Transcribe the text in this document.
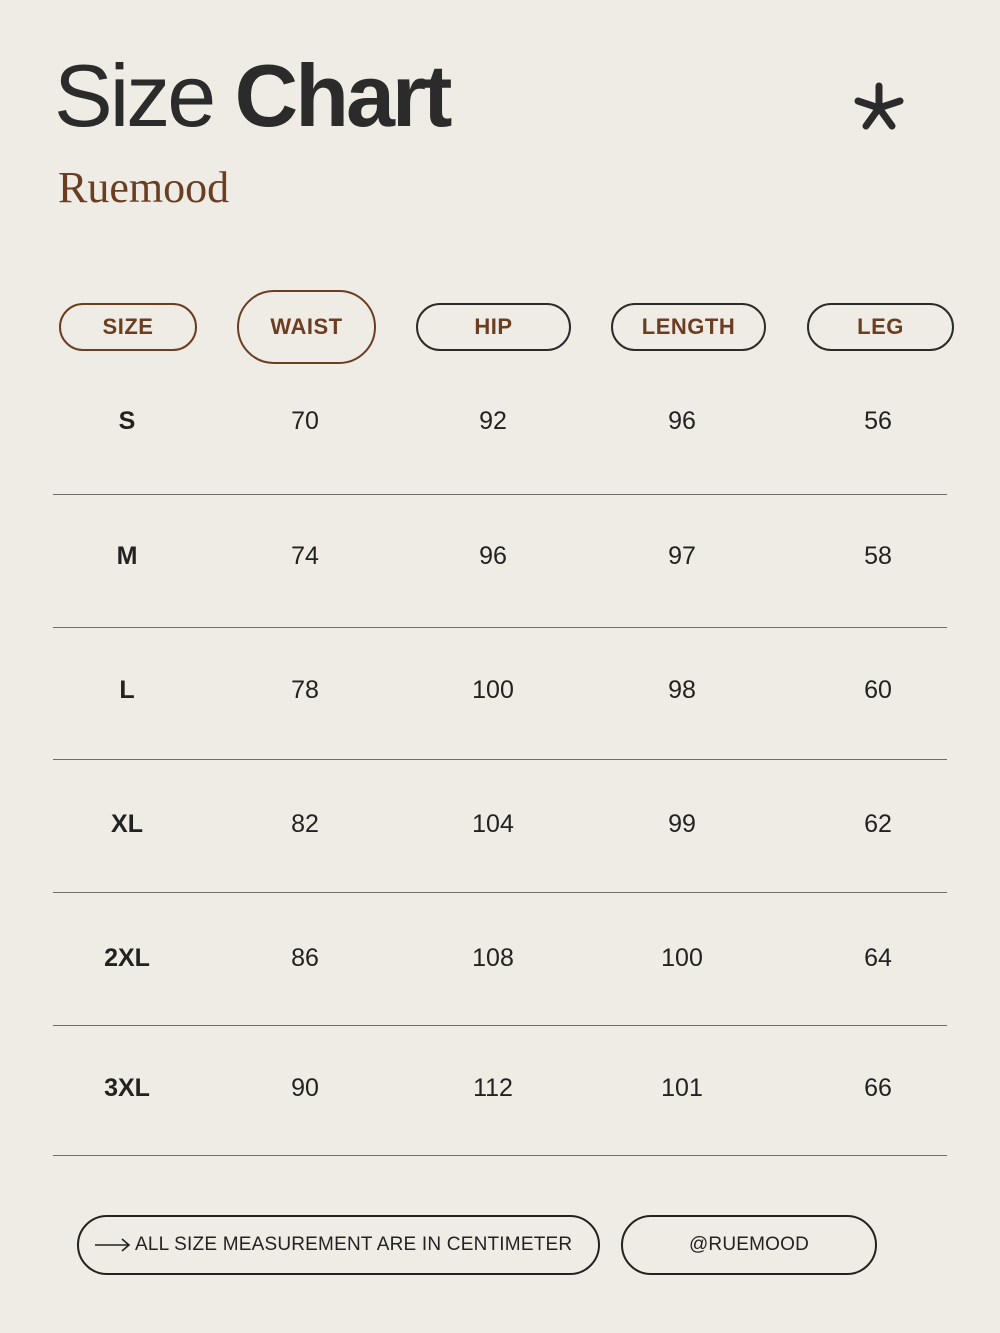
Size Chart
Ruemood
SIZE	WAIST	HIP	LENGTH	LEG
S	70	92	96	56
M	74	96	97	58
L	78	100	98	60
XL	82	104	99	62
2XL	86	108	100	64
3XL	90	112	101	66
ALL SIZE MEASUREMENT ARE IN CENTIMETER	@RUEMOOD
